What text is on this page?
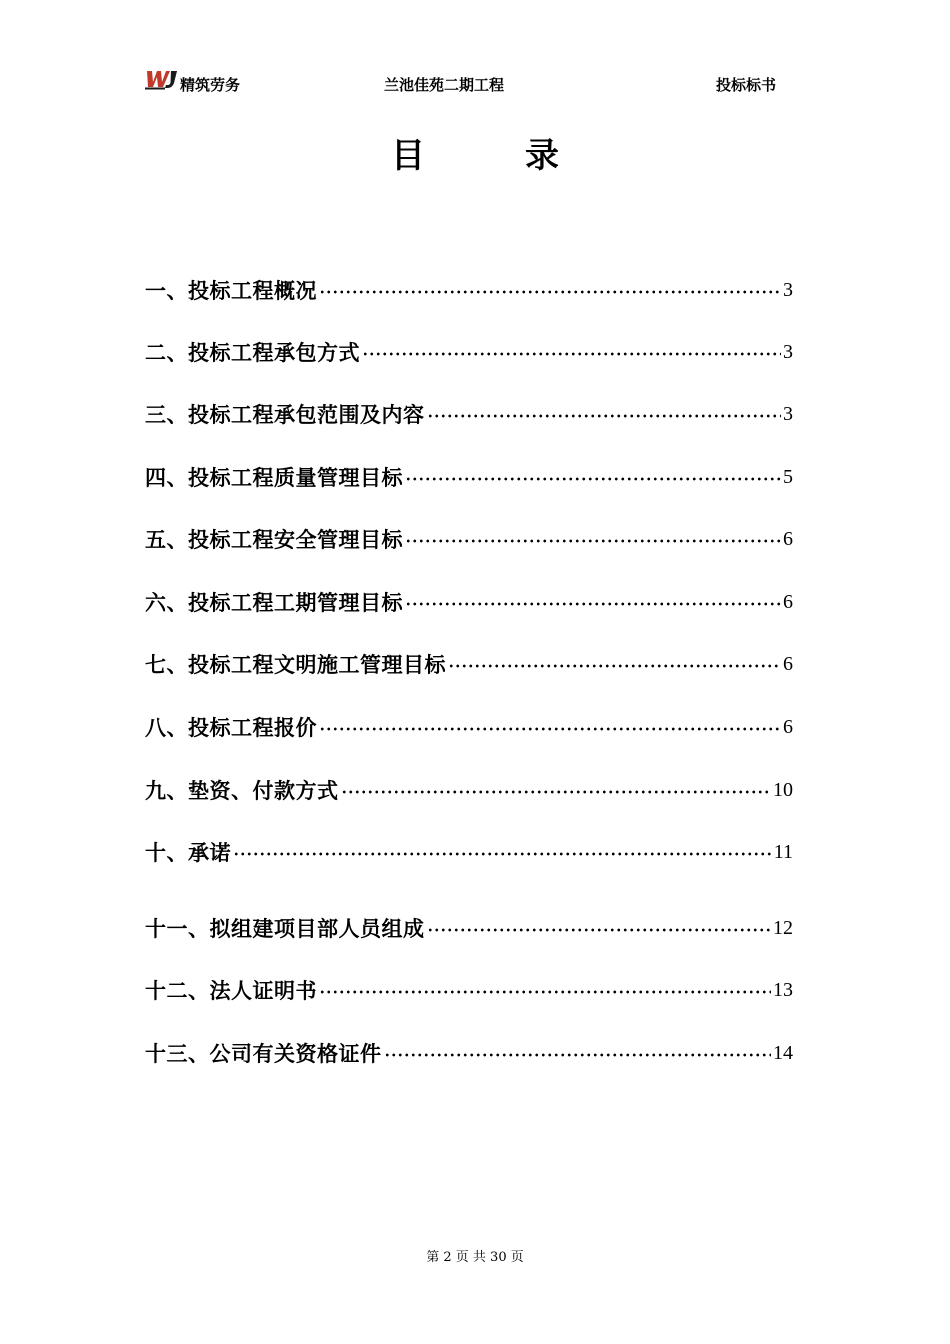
精筑劳务	兰池佳苑二期工程	投标标书
目	录
一、投标工程概况	3
二、投标工程承包方式	3
三、投标工程承包范围及内容	3
四、投标工程质量管理目标	5
五、投标工程安全管理目标	6
六、投标工程工期管理目标	6
七、投标工程文明施工管理目标	6
八、投标工程报价	6
九、垫资、付款方式	10
十、承诺	11
十一、拟组建项目部人员组成	12
十二、法人证明书	13
十三、公司有关资格证件	14
第 2 页 共 30 页
